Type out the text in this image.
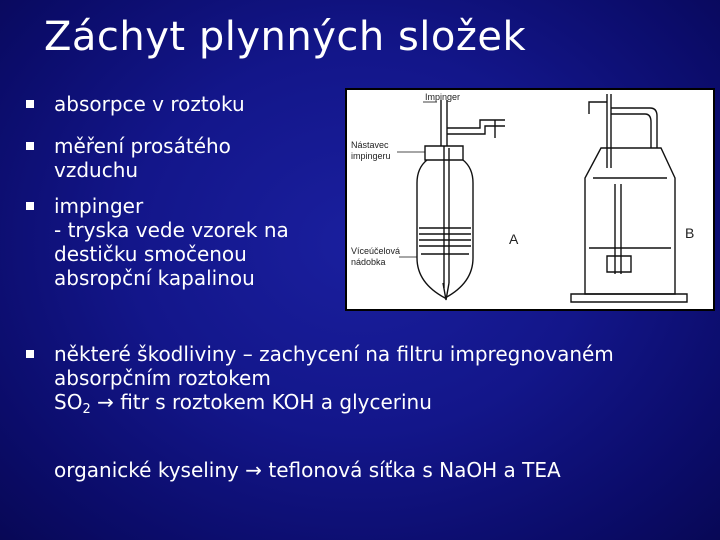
Záchyt plynných složek
absorpce v roztoku
měření prosátého vzduchu
impinger
- tryska vede vzorek na destičku smočenou absropční kapalinou
Impinger
Nástavec
impingeru
Víceúčelová
nádobka
A	B
některé škodliviny – zachycení na filtru impregnovaném absorpčním roztokem
$SO_2$ → fitr s roztokem KOH a glycerinu
organické kyseliny → teflonová síťka s NaOH a TEA
